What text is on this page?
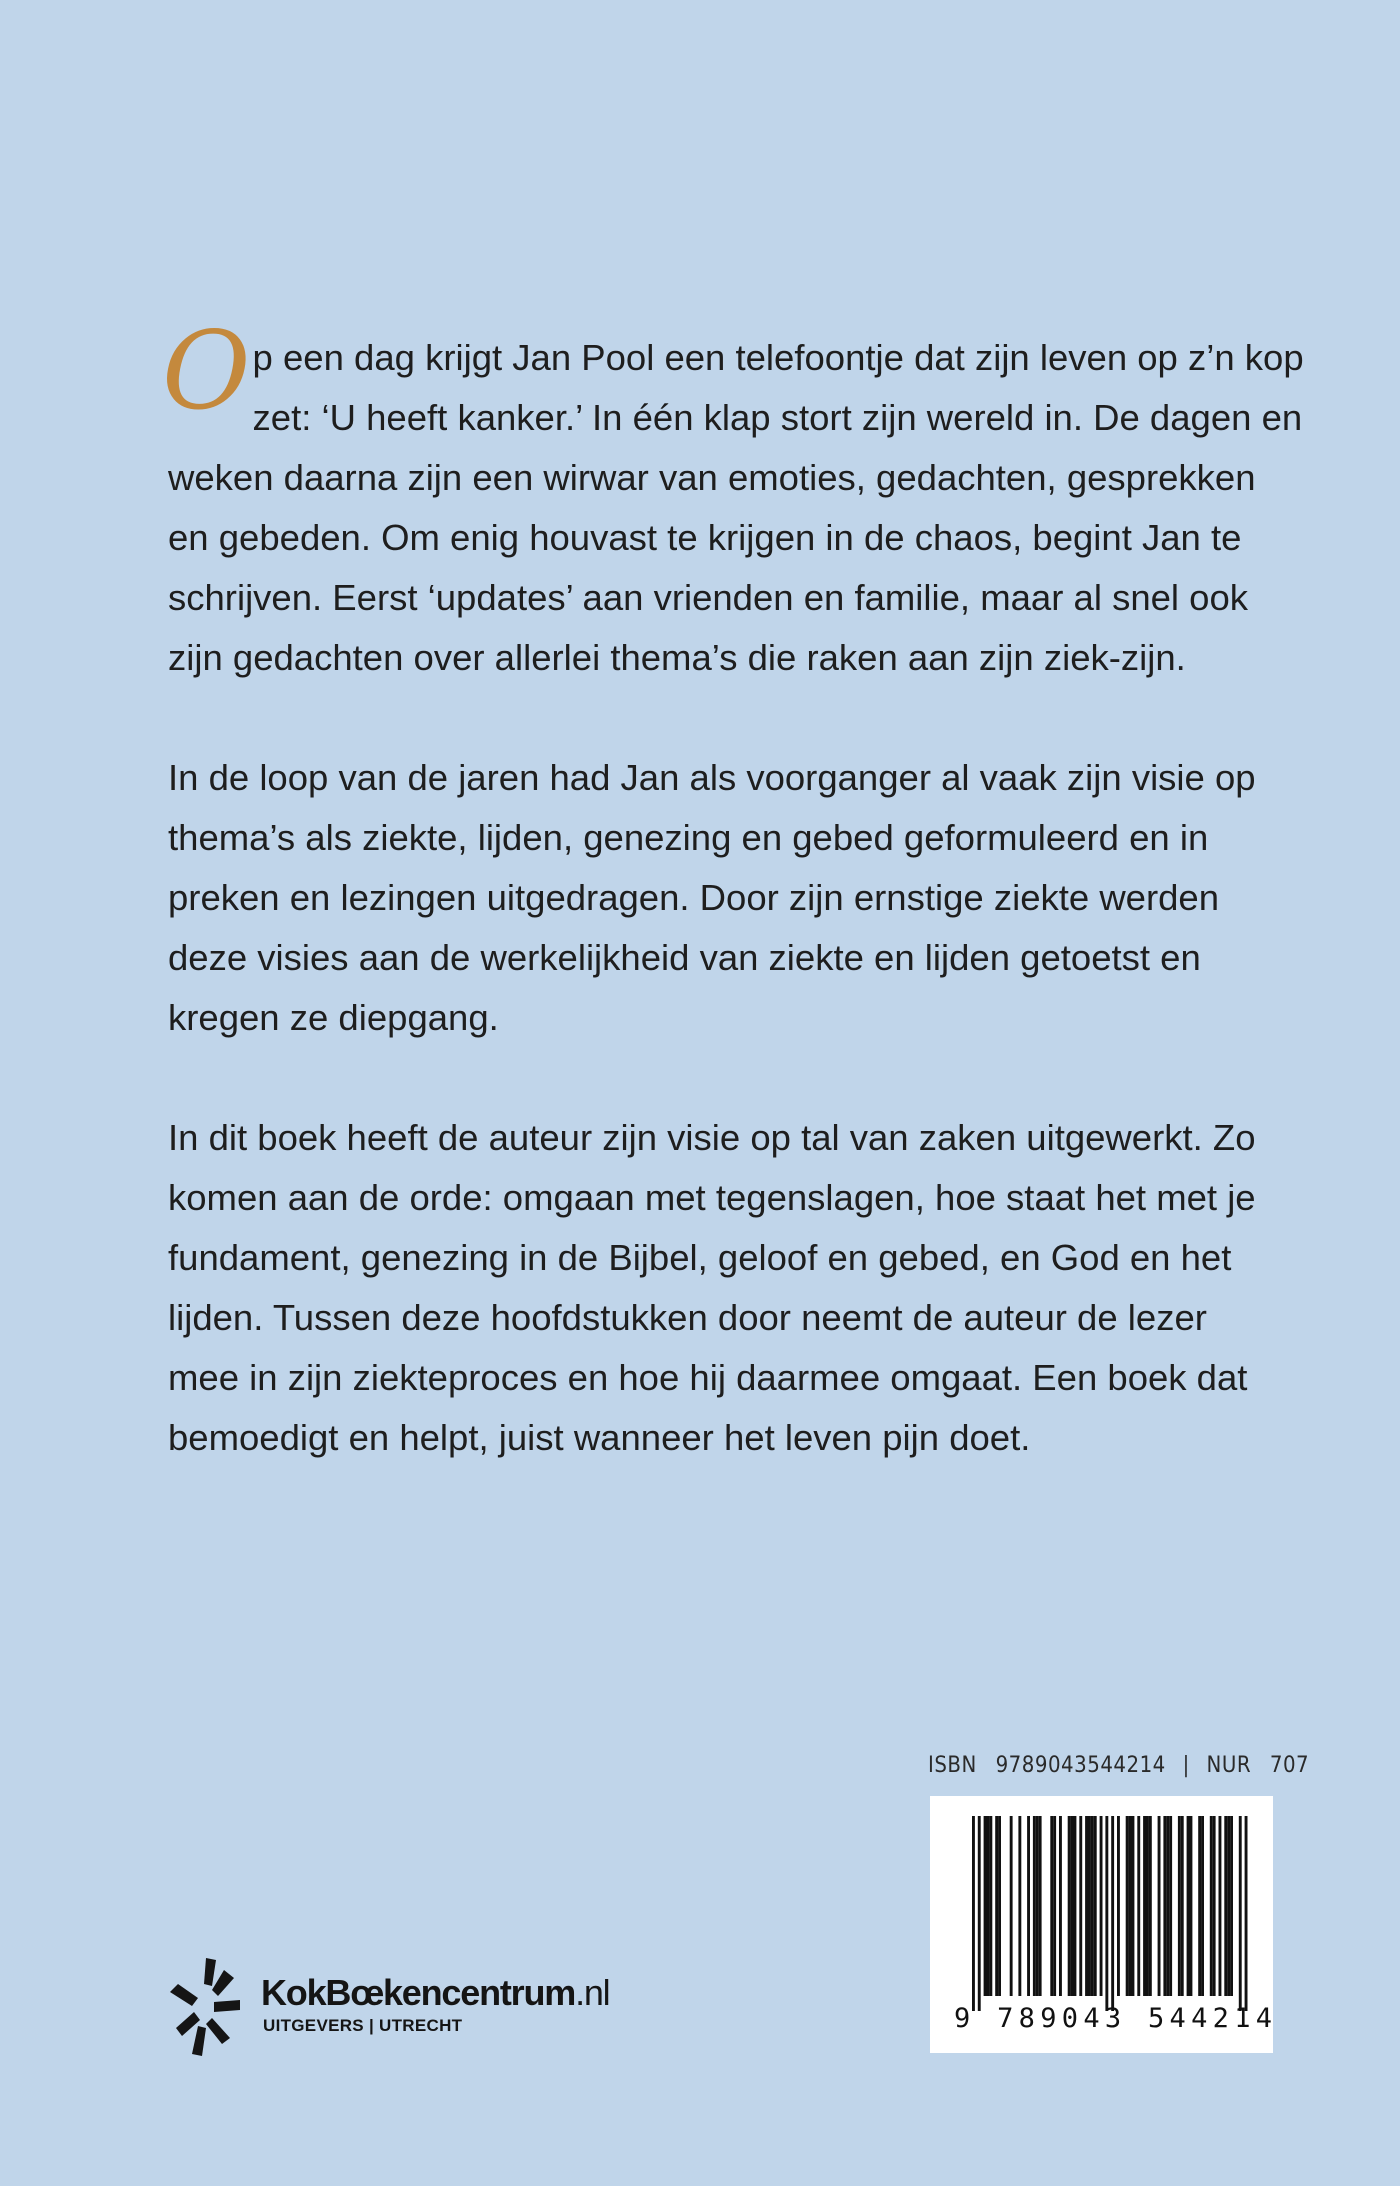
O p een dag krijgt Jan Pool een telefoontje dat zijn leven op z’n kop
zet: ‘U heeft kanker.’ In één klap stort zijn wereld in. De dagen en
weken daarna zijn een wirwar van emoties, gedachten, gesprekken
en gebeden. Om enig houvast te krijgen in de chaos, begint Jan te
schrijven. Eerst ‘updates’ aan vrienden en familie, maar al snel ook
zijn gedachten over allerlei thema’s die raken aan zijn ziek-zijn.

In de loop van de jaren had Jan als voorganger al vaak zijn visie op
thema’s als ziekte, lijden, genezing en gebed geformuleerd en in
preken en lezingen uitgedragen. Door zijn ernstige ziekte werden
deze visies aan de werkelijkheid van ziekte en lijden getoetst en
kregen ze diepgang.

In dit boek heeft de auteur zijn visie op tal van zaken uitgewerkt. Zo
komen aan de orde: omgaan met tegenslagen, hoe staat het met je
fundament, genezing in de Bijbel, geloof en gebed, en God en het
lijden. Tussen deze hoofdstukken door neemt de auteur de lezer
mee in zijn ziekteproces en hoe hij daarmee omgaat. Een boek dat
bemoedigt en helpt, juist wanneer het leven pijn doet.

ISBN 9789043544214 | NUR 707
9 789043 544214
KokBœkencentrum.nl
UITGEVERS | UTRECHT
